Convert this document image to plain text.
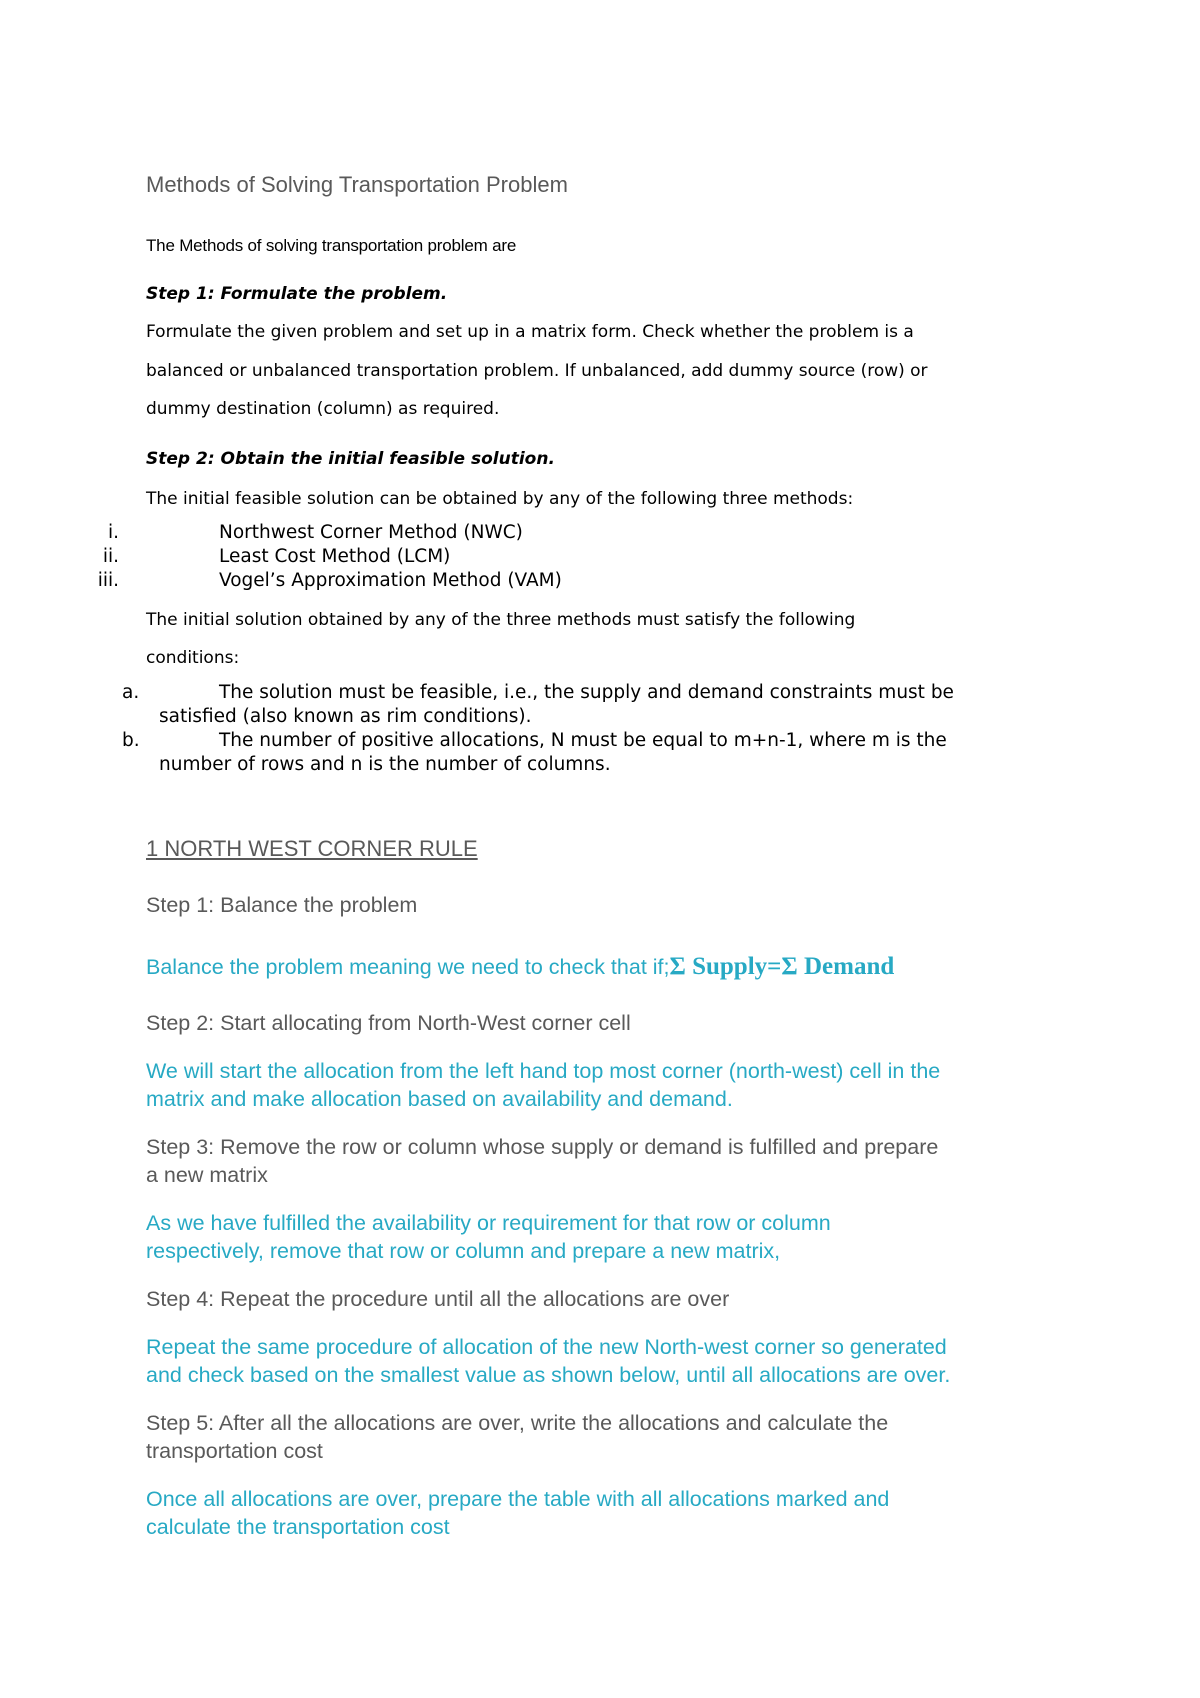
Methods of Solving Transportation Problem

The Methods of solving transportation problem are

Step 1: Formulate the problem.

Formulate the given problem and set up in a matrix form. Check whether the problem is a

balanced or unbalanced transportation problem. If unbalanced, add dummy source (row) or

dummy destination (column) as required.

Step 2: Obtain the initial feasible solution.

The initial feasible solution can be obtained by any of the following three methods:

i.	Northwest Corner Method (NWC)
ii.	Least Cost Method (LCM)
iii.	Vogel’s Approximation Method (VAM)

The initial solution obtained by any of the three methods must satisfy the following

conditions:

a.	The solution must be feasible, i.e., the supply and demand constraints must be
satisfied (also known as rim conditions).
b.	The number of positive allocations, N must be equal to m+n-1, where m is the
number of rows and n is the number of columns.

1 NORTH WEST CORNER RULE

Step 1: Balance the problem

Balance the problem meaning we need to check that if;Σ Supply=Σ Demand

Step 2: Start allocating from North-West corner cell

We will start the allocation from the left hand top most corner (north-west) cell in the

matrix and make allocation based on availability and demand.

Step 3: Remove the row or column whose supply or demand is fulfilled and prepare

a new matrix

As we have fulfilled the availability or requirement for that row or column

respectively, remove that row or column and prepare a new matrix,

Step 4: Repeat the procedure until all the allocations are over

Repeat the same procedure of allocation of the new North-west corner so generated

and check based on the smallest value as shown below, until all allocations are over.

Step 5: After all the allocations are over, write the allocations and calculate the

transportation cost

Once all allocations are over, prepare the table with all allocations marked and

calculate the transportation cost
